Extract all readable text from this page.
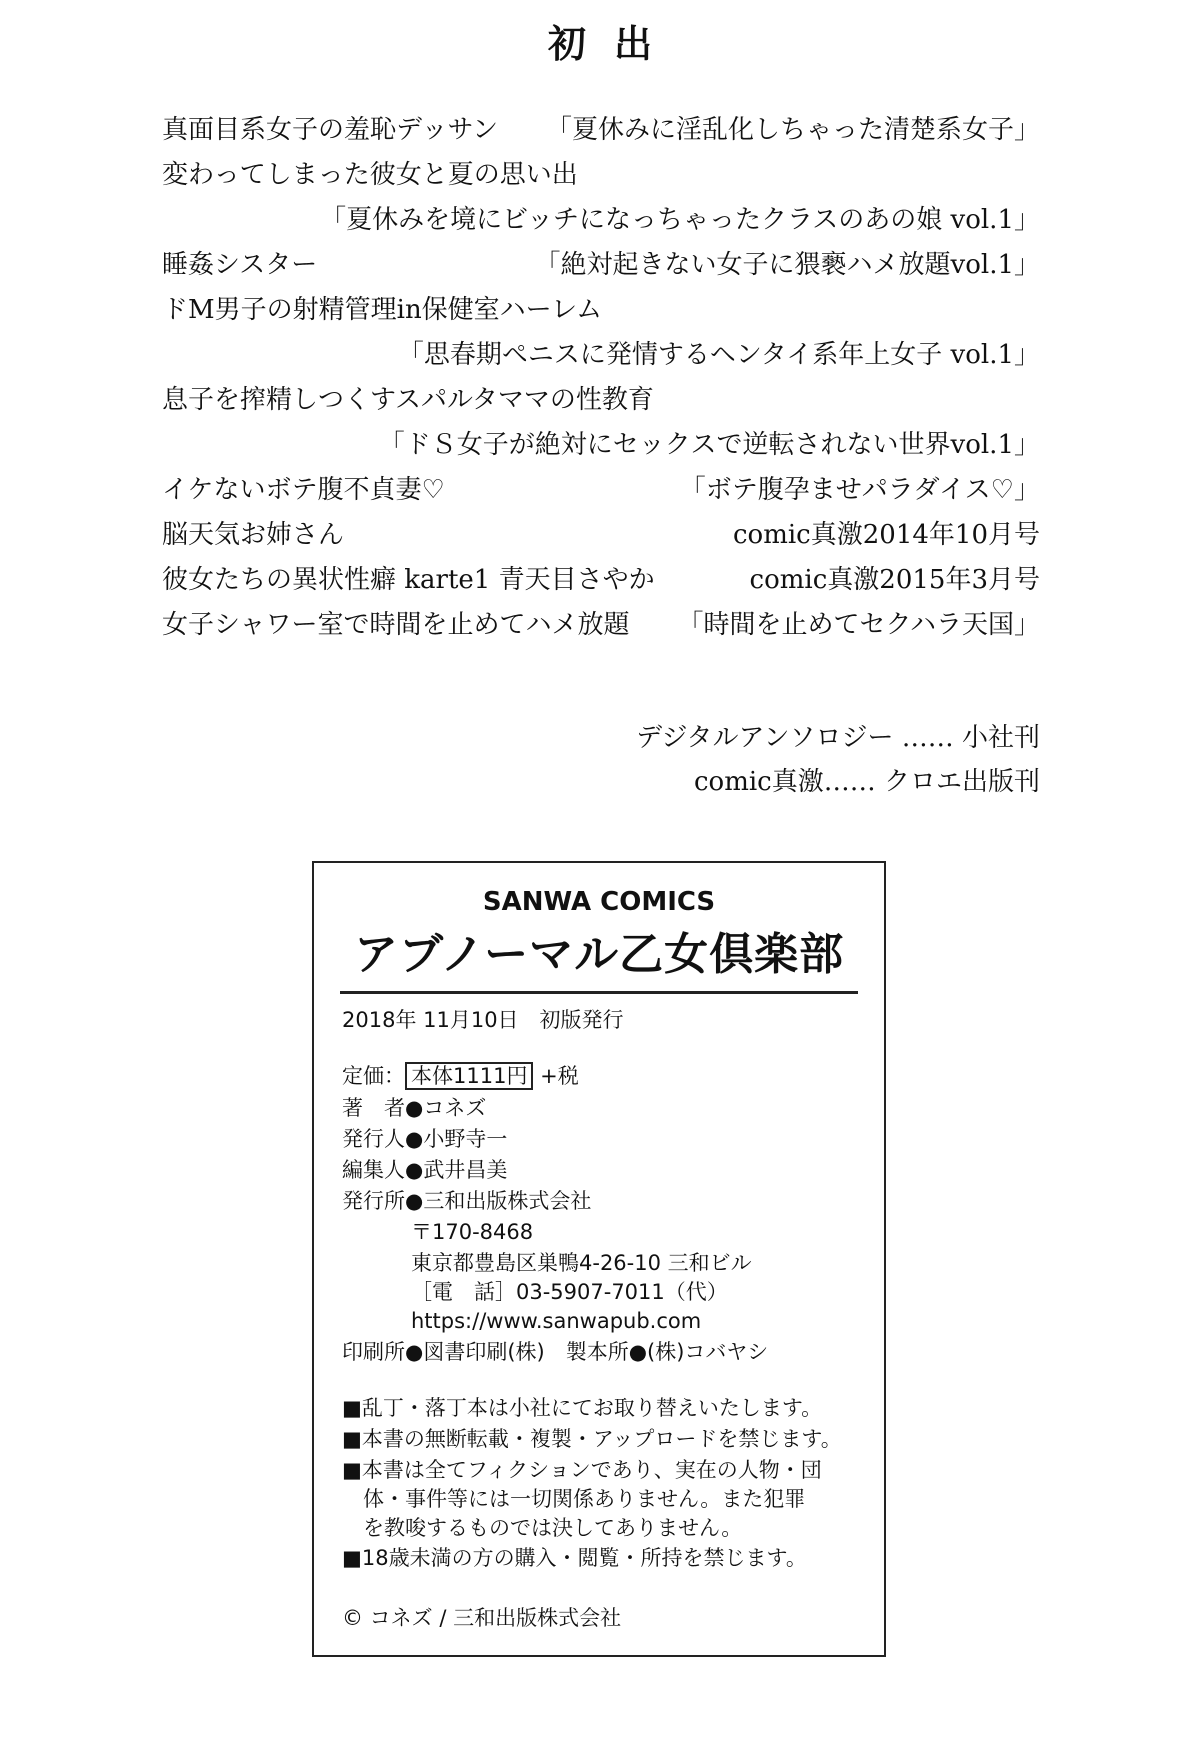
初出
真面目系女子の羞恥デッサン 「夏休みに淫乱化しちゃった清楚系女子」
変わってしまった彼女と夏の思い出
「夏休みを境にビッチになっちゃったクラスのあの娘 vol.1」
睡姦シスター	「絶対起きない女子に猥褻ハメ放題vol.1」
ドM男子の射精管理in保健室ハーレム
「思春期ペニスに発情するヘンタイ系年上女子 vol.1」
息子を搾精しつくすスパルタママの性教育
「ドＳ女子が絶対にセックスで逆転されない世界vol.1」
イケないボテ腹不貞妻♡	「ボテ腹孕ませパラダイス♡」
脳天気お姉さん	comic真激2014年10月号
彼女たちの異状性癖 karte1 青天目さやか	comic真激2015年3月号
女子シャワー室で時間を止めてハメ放題 「時間を止めてセクハラ天国」
デジタルアンソロジー …… 小社刊
comic真激…… クロエ出版刊
SANWA COMICS
アブノーマル乙女倶楽部
2018年 11月10日　初版発行
定価： 本体1111円 +税
著　者●コネズ
発行人●小野寺一
編集人●武井昌美
発行所●三和出版株式会社
〒170-8468
東京都豊島区巣鴨4-26-10 三和ビル
［電　話］03-5907-7011（代）
https://www.sanwapub.com
印刷所●図書印刷(株)　製本所●(株)コバヤシ
■乱丁・落丁本は小社にてお取り替えいたします。
■本書の無断転載・複製・アップロードを禁じます。
■本書は全てフィクションであり、実在の人物・団
　体・事件等には一切関係ありません。また犯罪
　を教唆するものでは決してありません。
■18歳未満の方の購入・閲覧・所持を禁じます。
© コネズ / 三和出版株式会社
